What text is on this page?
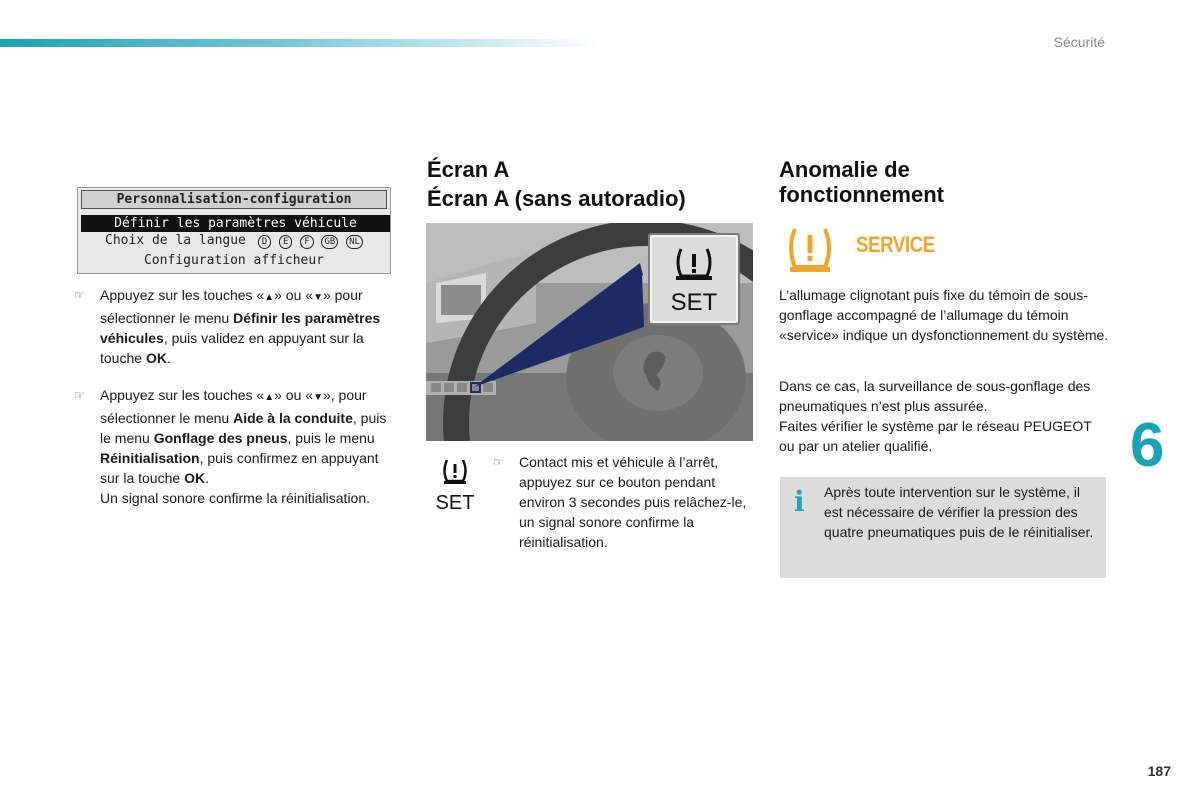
Sécurité
Personnalisation-configuration
Définir les paramètres véhicule
Choix de la langue D E F GB NL
Configuration afficheur
☞ Appuyez sur les touches «▲» ou «▼» pour sélectionner le menu Définir les paramètres véhicules, puis validez en appuyant sur la touche OK.
☞ Appuyez sur les touches «▲» ou «▼», pour sélectionner le menu Aide à la conduite, puis le menu Gonflage des pneus, puis le menu Réinitialisation, puis confirmez en appuyant sur la touche OK.
Un signal sonore confirme la réinitialisation.
Écran A
Écran A (sans autoradio)
SET
SET
☞ Contact mis et véhicule à l’arrêt, appuyez sur ce bouton pendant environ 3 secondes puis relâchez-le, un signal sonore confirme la réinitialisation.
Anomalie de fonctionnement
SERVICE
L’allumage clignotant puis fixe du témoin de sous-gonflage accompagné de l’allumage du témoin «service» indique un dysfonctionnement du système.
Dans ce cas, la surveillance de sous-gonflage des pneumatiques n’est plus assurée.
Faites vérifier le système par le réseau PEUGEOT ou par un atelier qualifié.
i Après toute intervention sur le système, il est nécessaire de vérifier la pression des quatre pneumatiques puis de le réinitialiser.
6
187
